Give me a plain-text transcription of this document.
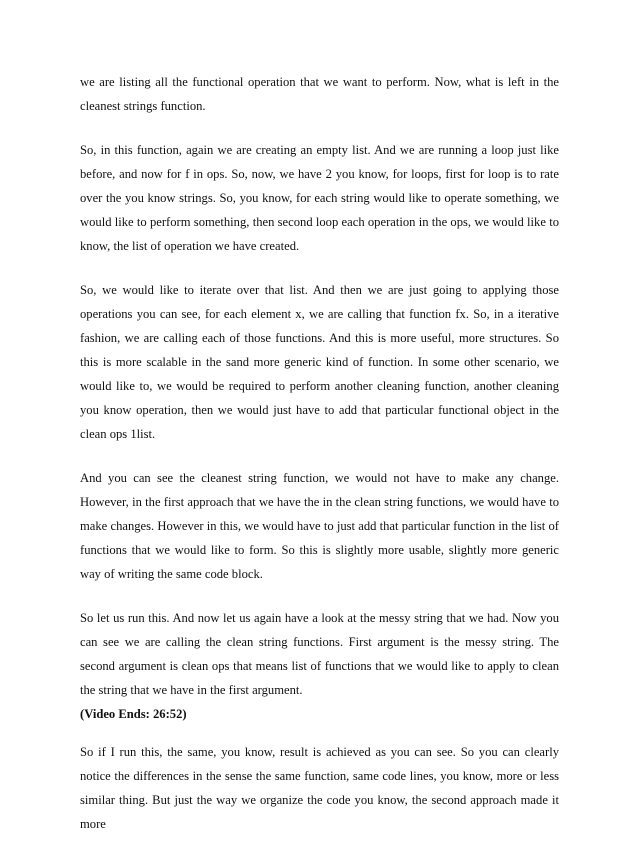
we are listing all the functional operation that we want to perform. Now, what is left in the cleanest strings function.

So, in this function, again we are creating an empty list. And we are running a loop just like before, and now for f in ops. So, now, we have 2 you know, for loops, first for loop is to rate over the you know strings. So, you know, for each string would like to operate something, we would like to perform something, then second loop each operation in the ops, we would like to know, the list of operation we have created.

So, we would like to iterate over that list. And then we are just going to applying those operations you can see, for each element x, we are calling that function fx. So, in a iterative fashion, we are calling each of those functions. And this is more useful, more structures. So this is more scalable in the sand more generic kind of function. In some other scenario, we would like to, we would be required to perform another cleaning function, another cleaning you know operation, then we would just have to add that particular functional object in the clean ops 1list.

And you can see the cleanest string function, we would not have to make any change. However, in the first approach that we have the in the clean string functions, we would have to make changes. However in this, we would have to just add that particular function in the list of functions that we would like to form. So this is slightly more usable, slightly more generic way of writing the same code block.

So let us run this. And now let us again have a look at the messy string that we had. Now you can see we are calling the clean string functions. First argument is the messy string. The second argument is clean ops that means list of functions that we would like to apply to clean the string that we have in the first argument.

(Video Ends: 26:52)

So if I run this, the same, you know, result is achieved as you can see. So you can clearly notice the differences in the sense the same function, same code lines, you know, more or less similar thing. But just the way we organize the code you know, the second approach made it more
